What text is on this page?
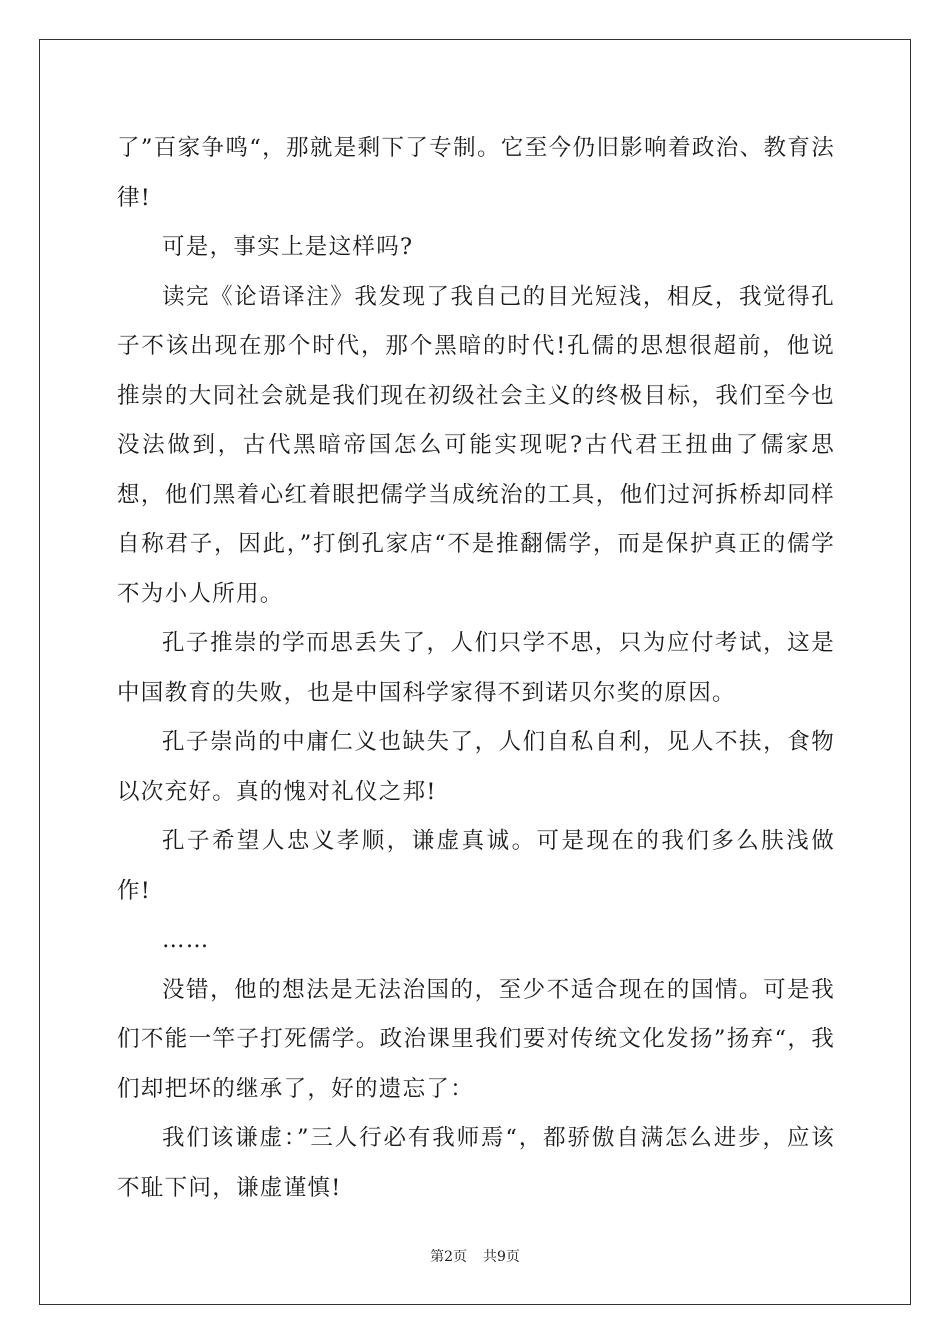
了”百家争鸣“，那就是剩下了专制。它至今仍旧影响着政治、教育法律!

可是，事实上是这样吗?

读完《论语译注》我发现了我自己的目光短浅，相反，我觉得孔子不该出现在那个时代，那个黑暗的时代!孔儒的思想很超前，他说推崇的大同社会就是我们现在初级社会主义的终极目标，我们至今也没法做到，古代黑暗帝国怎么可能实现呢?古代君王扭曲了儒家思想，他们黑着心红着眼把儒学当成统治的工具，他们过河拆桥却同样自称君子，因此，”打倒孔家店“不是推翻儒学，而是保护真正的儒学不为小人所用。

孔子推崇的学而思丢失了，人们只学不思，只为应付考试，这是中国教育的失败，也是中国科学家得不到诺贝尔奖的原因。

孔子崇尚的中庸仁义也缺失了，人们自私自利，见人不扶，食物以次充好。真的愧对礼仪之邦!

孔子希望人忠义孝顺，谦虚真诚。可是现在的我们多么肤浅做作!

……

没错，他的想法是无法治国的，至少不适合现在的国情。可是我们不能一竿子打死儒学。政治课里我们要对传统文化发扬”扬弃“，我们却把坏的继承了，好的遗忘了：

我们该谦虚：”三人行必有我师焉“，都骄傲自满怎么进步，应该不耻下问，谦虚谨慎!

第2页 共9页
